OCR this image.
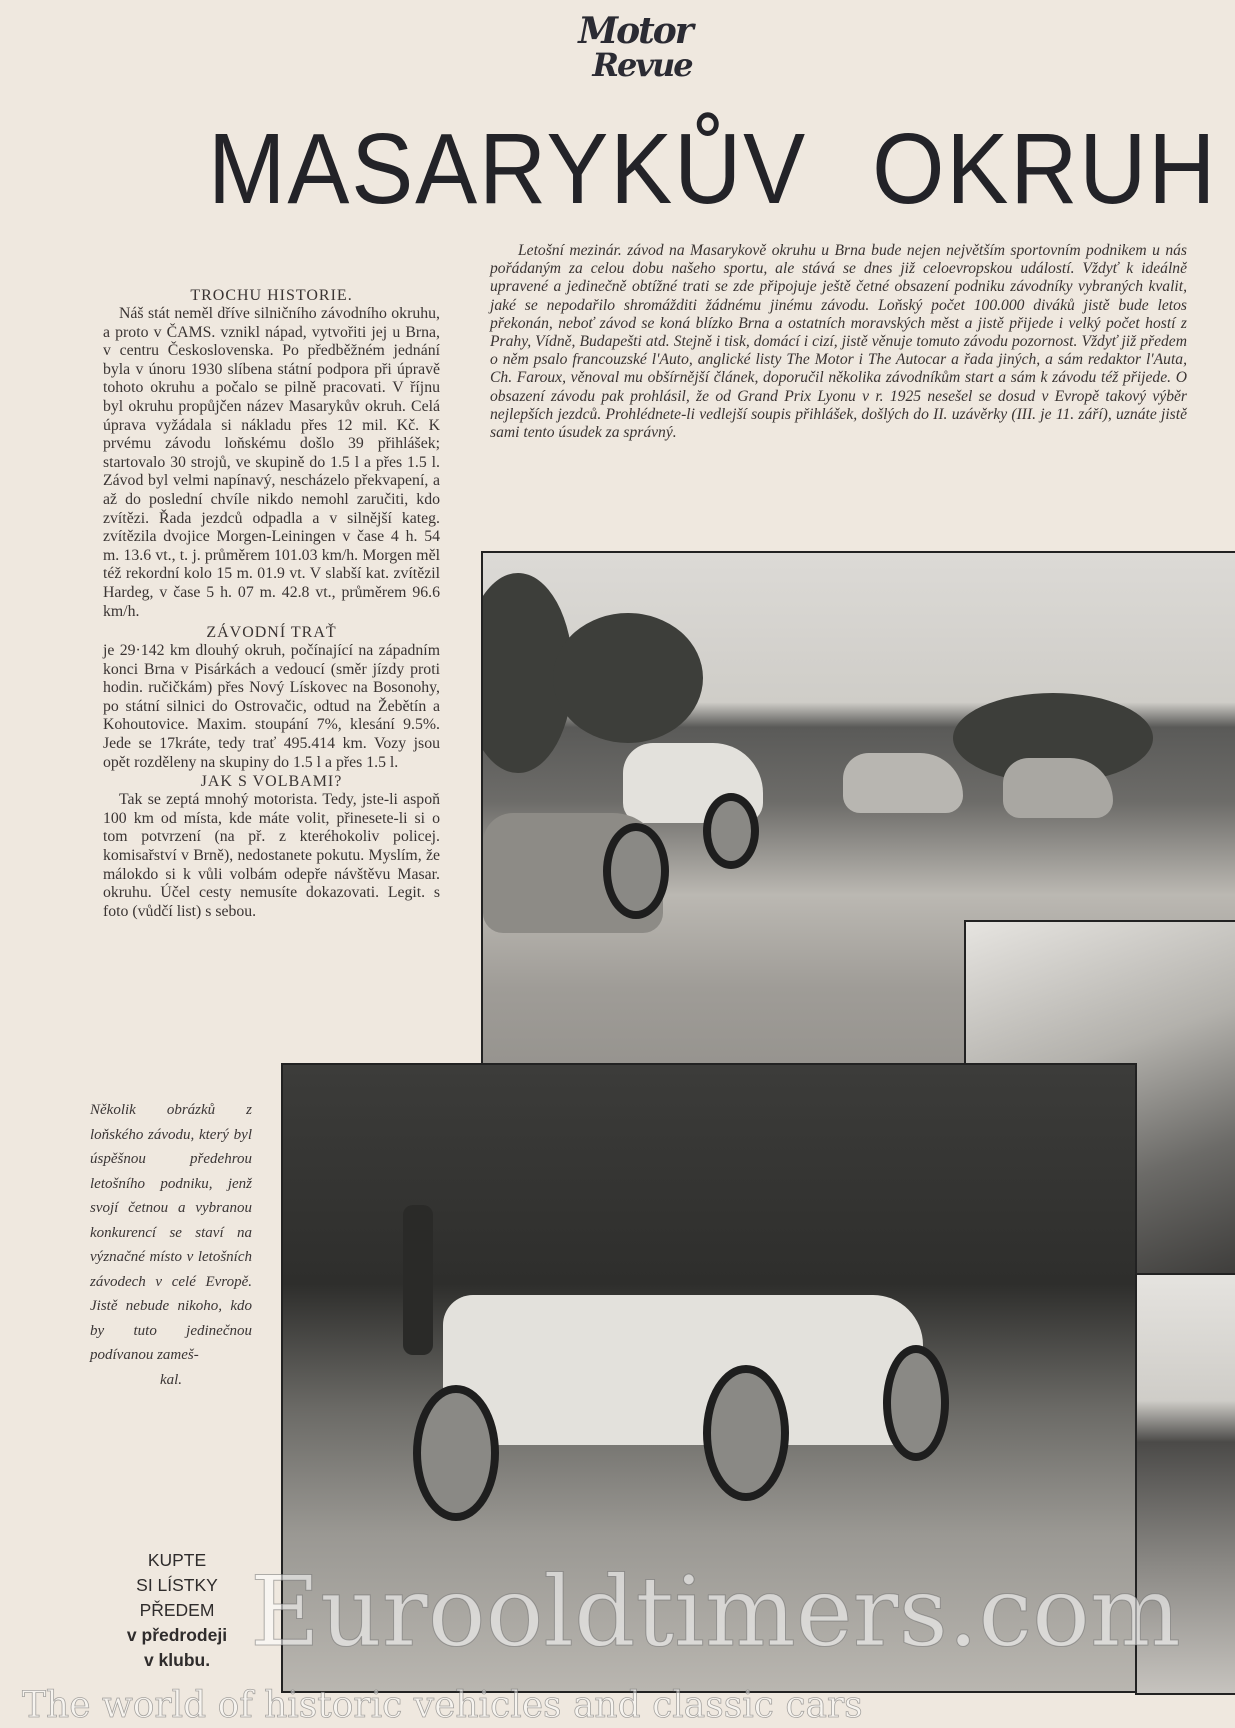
Motor
Revue
MASARYKŮV OKRUH
TROCHU HISTORIE.

Náš stát neměl dříve silničního závodního okruhu, a proto v ČAMS. vznikl nápad, vytvořiti jej u Brna, v centru Československa. Po předběžném jednání byla v únoru 1930 slíbena státní podpora při úpravě tohoto okruhu a počalo se pilně pracovati. V říjnu byl okruhu propůjčen název Masarykův okruh. Celá úprava vyžádala si nákladu přes 12 mil. Kč. K prvému závodu loňskému došlo 39 přihlášek; startovalo 30 strojů, ve skupině do 1.5 l a přes 1.5 l. Závod byl velmi napínavý, nescházelo překvapení, a až do poslední chvíle nikdo nemohl zaručiti, kdo zvítězi. Řada jezdců odpadla a v silnější kateg. zvítězila dvojice Morgen-Leiningen v čase 4 h. 54 m. 13.6 vt., t. j. průměrem 101.03 km/h. Morgen měl též rekordní kolo 15 m. 01.9 vt. V slabší kat. zvítězil Hardeg, v čase 5 h. 07 m. 42.8 vt., průměrem 96.6 km/h.

ZÁVODNÍ TRAŤ

je 29·142 km dlouhý okruh, počínající na západním konci Brna v Pisárkách a vedoucí (směr jízdy proti hodin. ručičkám) přes Nový Lískovec na Bosonohy, po státní silnici do Ostrovačic, odtud na Žebětín a Kohoutovice. Maxim. stoupání 7%, klesání 9.5%. Jede se 17kráte, tedy trať 495.414 km. Vozy jsou opět rozděleny na skupiny do 1.5 l a přes 1.5 l.

JAK S VOLBAMI?

Tak se zeptá mnohý motorista. Tedy, jste-li aspoň 100 km od místa, kde máte volit, přinesete-li si o tom potvrzení (na př. z kteréhokoliv policej. komisařství v Brně), nedostanete pokutu. Myslím, že málokdo si k vůli volbám odepře návštěvu Masar. okruhu. Účel cesty nemusíte dokazovati. Legit. s foto (vůdčí list) s sebou.

Letošní mezinár. závod na Masarykově okruhu u Brna bude nejen největším sportovním podnikem u nás pořádaným za celou dobu našeho sportu, ale stává se dnes již celoevropskou událostí. Vždyť k ideálně upravené a jedinečně obtížné trati se zde připojuje ještě četné obsazení podniku závodníky vybraných kvalit, jaké se nepodařilo shromážditi žádnému jinému závodu. Loňský počet 100.000 diváků jistě bude letos překonán, neboť závod se koná blízko Brna a ostatních moravských měst a jistě přijede i velký počet hostí z Prahy, Vídně, Budapešti atd. Stejně i tisk, domácí i cizí, jistě věnuje tomuto závodu pozornost. Vždyť již předem o něm psalo francouzské l'Auto, anglické listy The Motor i The Autocar a řada jiných, a sám redaktor l'Auta, Ch. Faroux, věnoval mu obšírnější článek, doporučil několika závodníkům start a sám k závodu též přijede. O obsazení závodu pak prohlásil, že od Grand Prix Lyonu v r. 1925 nesešel se dosud v Evropě takový výběr nejlepších jezdců. Prohlédnete-li vedlejší soupis přihlášek, došlých do II. uzávěrky (III. je 11. září), uznáte jistě sami tento úsudek za správný.

Několik obrázků z loňského závodu, který byl úspěšnou předehrou letošního podniku, jenž svojí četnou a vybranou konkurencí se staví na význačné místo v letošních závodech v celé Evropě. Jistě nebude nikoho, kdo by tuto jedinečnou podívanou zameš-
kal.
KUPTE
SI LÍSTKY
PŘEDEM
v předrodeji
v klubu. Eurooldtimers.com
The world of historic vehicles and classic cars
